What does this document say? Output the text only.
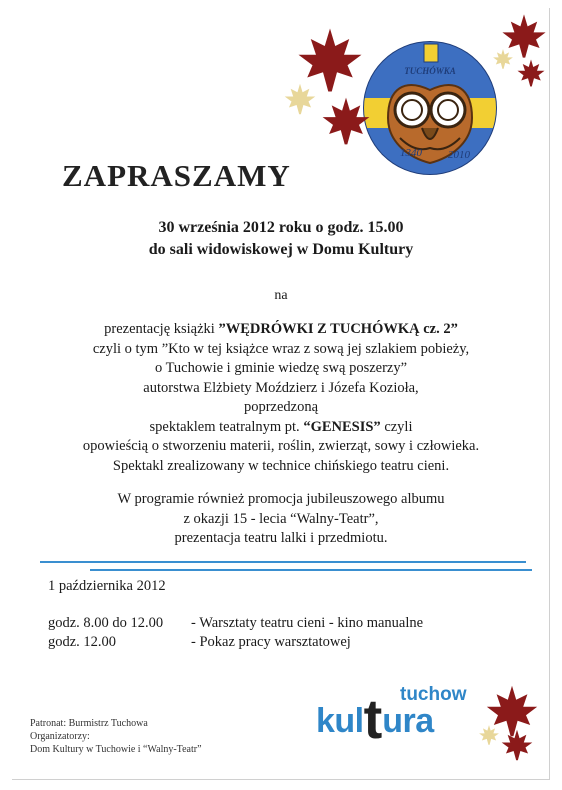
TUCHÓWKA
1340 2010
ZAPRASZAMY
30 września 2012 roku o godz. 15.00
do sali widowiskowej w Domu Kultury
na
prezentację książki ”WĘDRÓWKI Z TUCHÓWKĄ cz. 2”
czyli o tym ”Kto w tej książce wraz z sową jej szlakiem pobieży,
o Tuchowie i gminie wiedzę swą poszerzy”
autorstwa Elżbiety Moździerz i Józefa Kozioła,
poprzedzoną
spektaklem teatralnym pt. “GENESIS” czyli
opowieścią o stworzeniu materii, roślin, zwierząt, sowy i człowieka.
Spektakl zrealizowany w technice chińskiego teatru cieni.
W programie również promocja jubileuszowego albumu
z okazji 15 - lecia “Walny-Teatr”,
prezentacja teatru lalki i przedmiotu.
1 października 2012
godz. 8.00 do 12.00 - Warsztaty teatru cieni - kino manualne
godz. 12.00	- Pokaz pracy warsztatowej
tuchow
kultura
Patronat: Burmistrz Tuchowa
Organizatorzy:
Dom Kultury w Tuchowie i “Walny-Teatr”
